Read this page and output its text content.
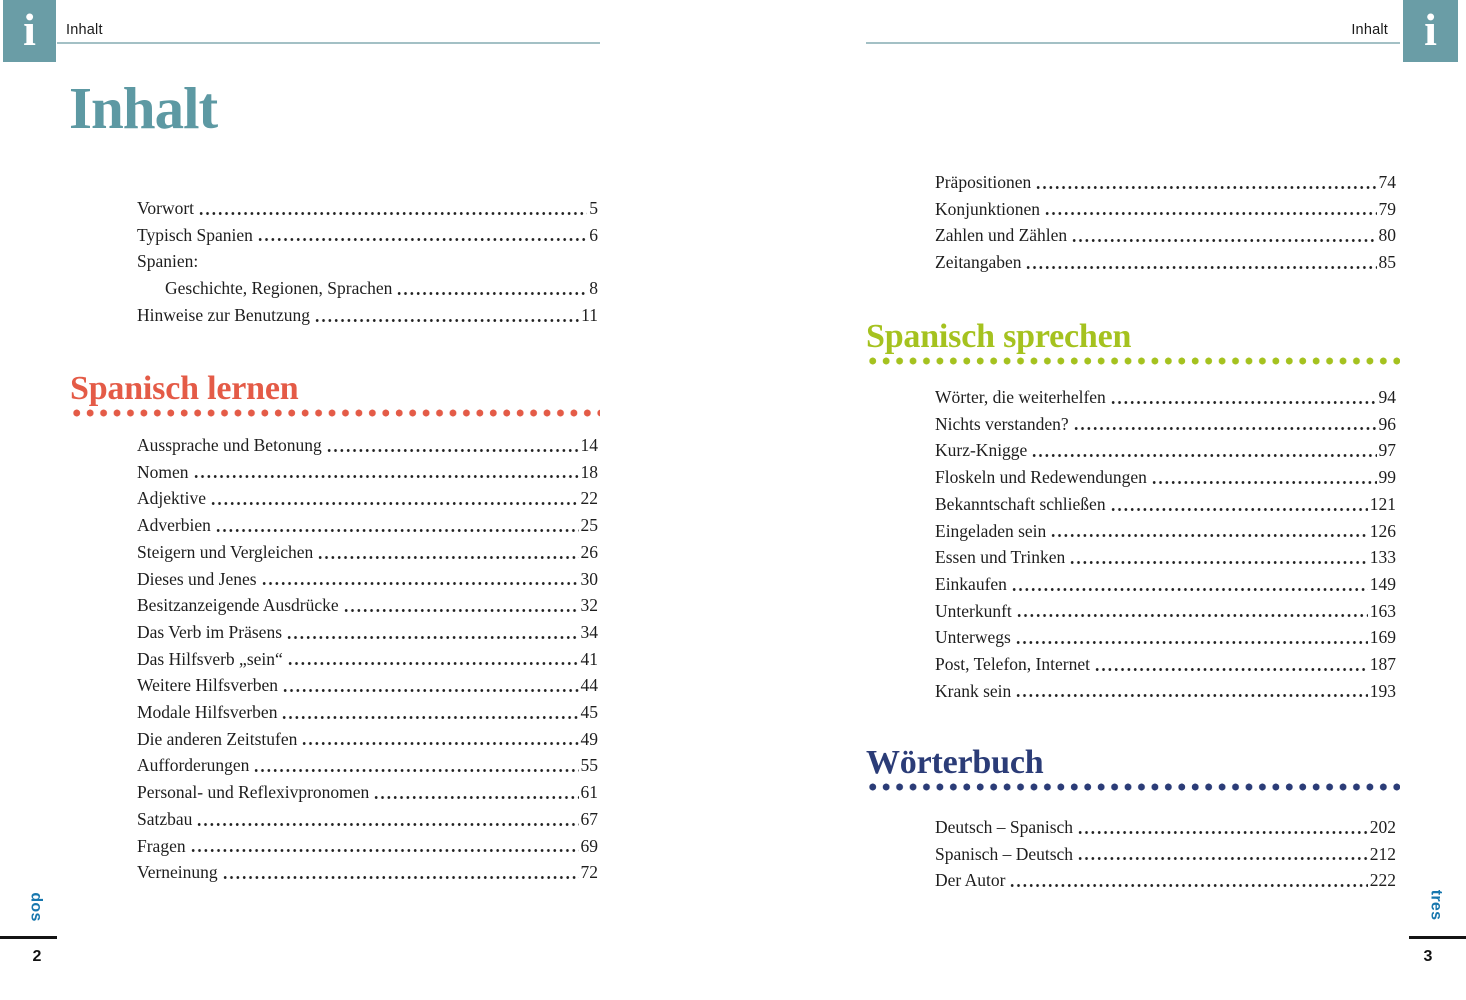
i Inhalt
Inhalt
Vorwort	5
Typisch Spanien	6
Spanien:
Geschichte, Regionen, Sprachen	8
Hinweise zur Benutzung	11
Spanisch lernen
Aussprache und Betonung	14
Nomen	18
Adjektive	22
Adverbien	25
Steigern und Vergleichen	26
Dieses und Jenes	30
Besitzanzeigende Ausdrücke	32
Das Verb im Präsens	34
Das Hilfsverb „sein“	41
Weitere Hilfsverben	44
Modale Hilfsverben	45
Die anderen Zeitstufen	49
Aufforderungen	55
Personal- und Reflexivpronomen	61
Satzbau	67
Fragen	69
Verneinung	72
dos
2
Inhalt i
Präpositionen	74
Konjunktionen	79
Zahlen und Zählen	80
Zeitangaben	85
Spanisch sprechen
Wörter, die weiterhelfen	94
Nichts verstanden?	96
Kurz-Knigge	97
Floskeln und Redewendungen	99
Bekanntschaft schließen	121
Eingeladen sein	126
Essen und Trinken	133
Einkaufen	149
Unterkunft	163
Unterwegs	169
Post, Telefon, Internet	187
Krank sein	193
Wörterbuch
Deutsch – Spanisch	202
Spanisch – Deutsch	212
Der Autor	222
tres
3
